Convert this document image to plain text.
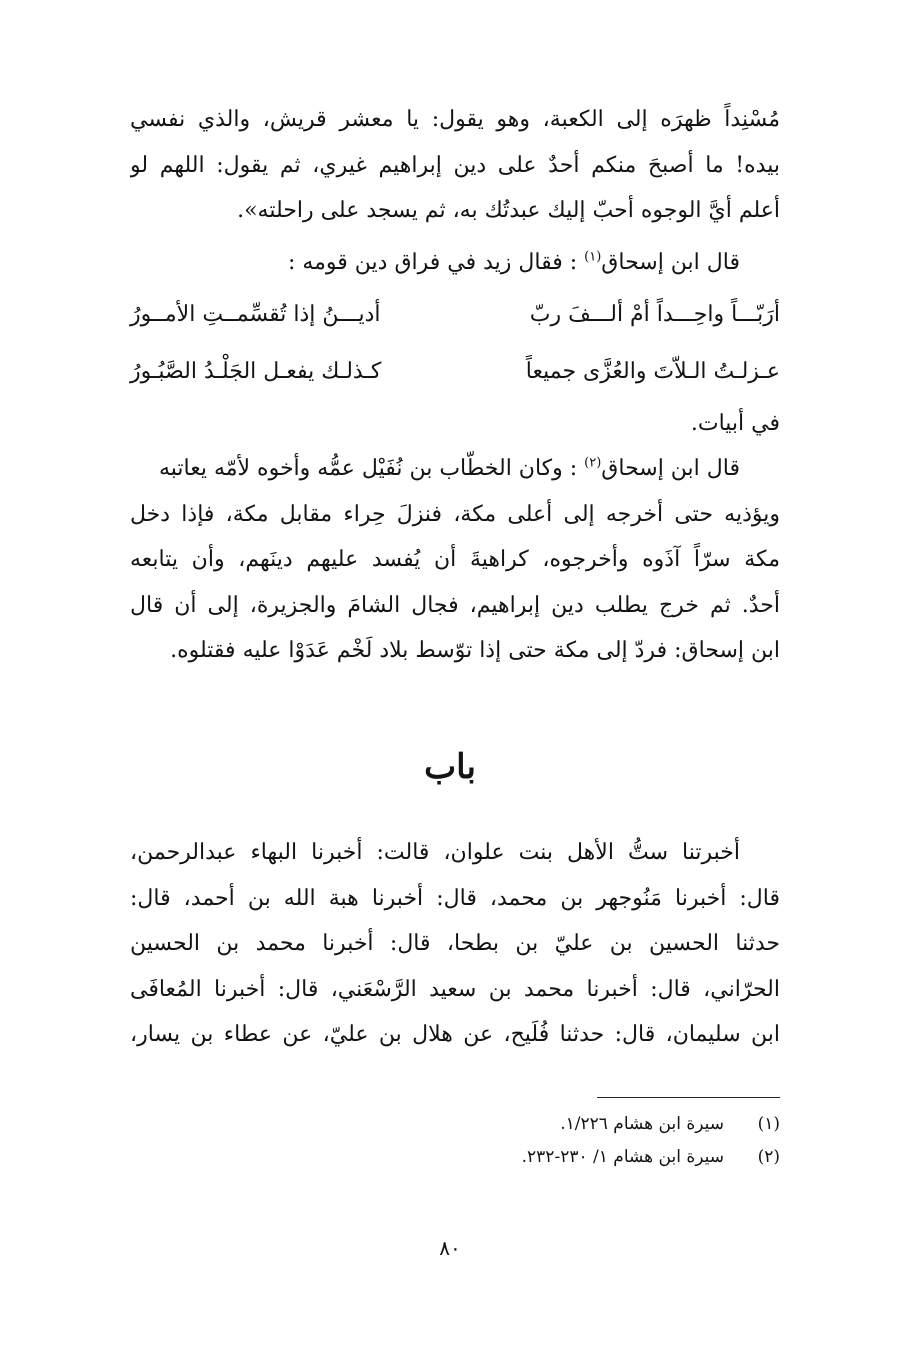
مُسْنِداً ظهرَه إلى الكعبة، وهو يقول: يا معشر قريش، والذي نفسي
بيده! ما أصبحَ منكم أحدٌ على دين إبراهيم غيري، ثم يقول: اللهم لو
أعلم أيَّ الوجوه أحبّ إليك عبدتُك به، ثم يسجد على راحلته».
قال ابن إسحاق$^{(١)}$ : فقال زيد في فراق دين قومه :
أرَبّـــاً واحِـــداً أمْ ألـــفَ ربّ
أديـــنُ إذا تُقسِّمــتِ الأمــورُ
عـزلـتُ الـلاّتَ والعُزَّى جميعاً
كـذلـك يفعـل الجَلْـدُ الصَّبُـورُ
في أبيات.
قال ابن إسحاق$^{(٢)}$ : وكان الخطّاب بن نُفَيْل عمُّه وأخوه لأمّه يعاتبه
ويؤذيه حتى أخرجه إلى أعلى مكة، فنزلَ حِراء مقابل مكة، فإذا دخل
مكة سرّاً آذَوه وأخرجوه، كراهيةَ أن يُفسد عليهم دينَهم، وأن يتابعه
أحدٌ. ثم خرج يطلب دين إبراهيم، فجال الشامَ والجزيرة، إلى أن قال
ابن إسحاق: فردّ إلى مكة حتى إذا توّسط بلاد لَخْم عَدَوْا عليه فقتلوه.
باب
أخبرتنا ستُّ الأهل بنت علوان، قالت: أخبرنا البهاء عبدالرحمن،
قال: أخبرنا مَنُوجهر بن محمد، قال: أخبرنا هبة الله بن أحمد، قال:
حدثنا الحسين بن عليّ بن بطحا، قال: أخبرنا محمد بن الحسين
الحرّاني، قال: أخبرنا محمد بن سعيد الرَّسْعَني، قال: أخبرنا المُعافَى
ابن سليمان، قال: حدثنا فُلَيح، عن هلال بن عليّ، عن عطاء بن يسار،
(١)
سيرة ابن هشام ١/٢٢٦.
(٢)
سيرة ابن هشام ١/ ٢٣٠-٢٣٢.
٨٠
